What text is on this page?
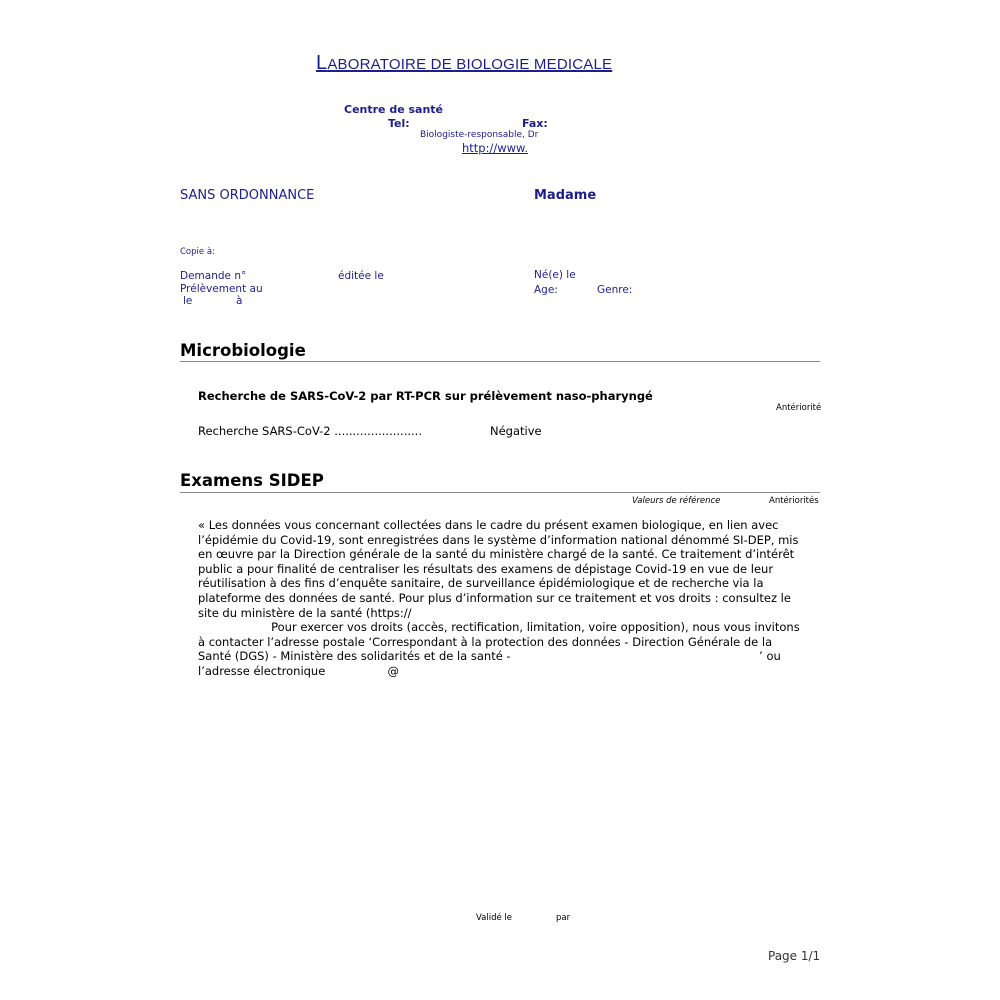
LABORATOIRE DE BIOLOGIE MEDICALE
Centre de santé
Tel:	Fax:
Biologiste-responsable, Dr
http://www.
SANS ORDONNANCE	Madame
Copie à:
Demande n°	éditée le	Né(e) le
Prélèvement au	Age:	Genre:
le	à
Microbiologie
Recherche de SARS-CoV-2 par RT-PCR sur prélèvement naso-pharyngé
Antériorité
Recherche SARS-CoV-2 ........................	Négative
Examens SIDEP
Valeurs de référence	Antériorités
« Les données vous concernant collectées dans le cadre du présent examen biologique, en lien avec
l’épidémie du Covid-19, sont enregistrées dans le système d’information national dénommé SI-DEP, mis
en œuvre par la Direction générale de la santé du ministère chargé de la santé. Ce traitement d’intérêt
public a pour finalité de centraliser les résultats des examens de dépistage Covid-19 en vue de leur
réutilisation à des fins d’enquête sanitaire, de surveillance épidémiologique et de recherche via la
plateforme des données de santé. Pour plus d’information sur ce traitement et vos droits : consultez le
site du ministère de la santé (https://
Pour exercer vos droits (accès, rectification, limitation, voire opposition), nous vous invitons
à contacter l’adresse postale ‘Correspondant à la protection des données - Direction Générale de la
Santé (DGS) - Ministère des solidarités et de la santé -                                                                    ’ ou
l’adresse électronique                 @
Validé le	par
Page 1/1
